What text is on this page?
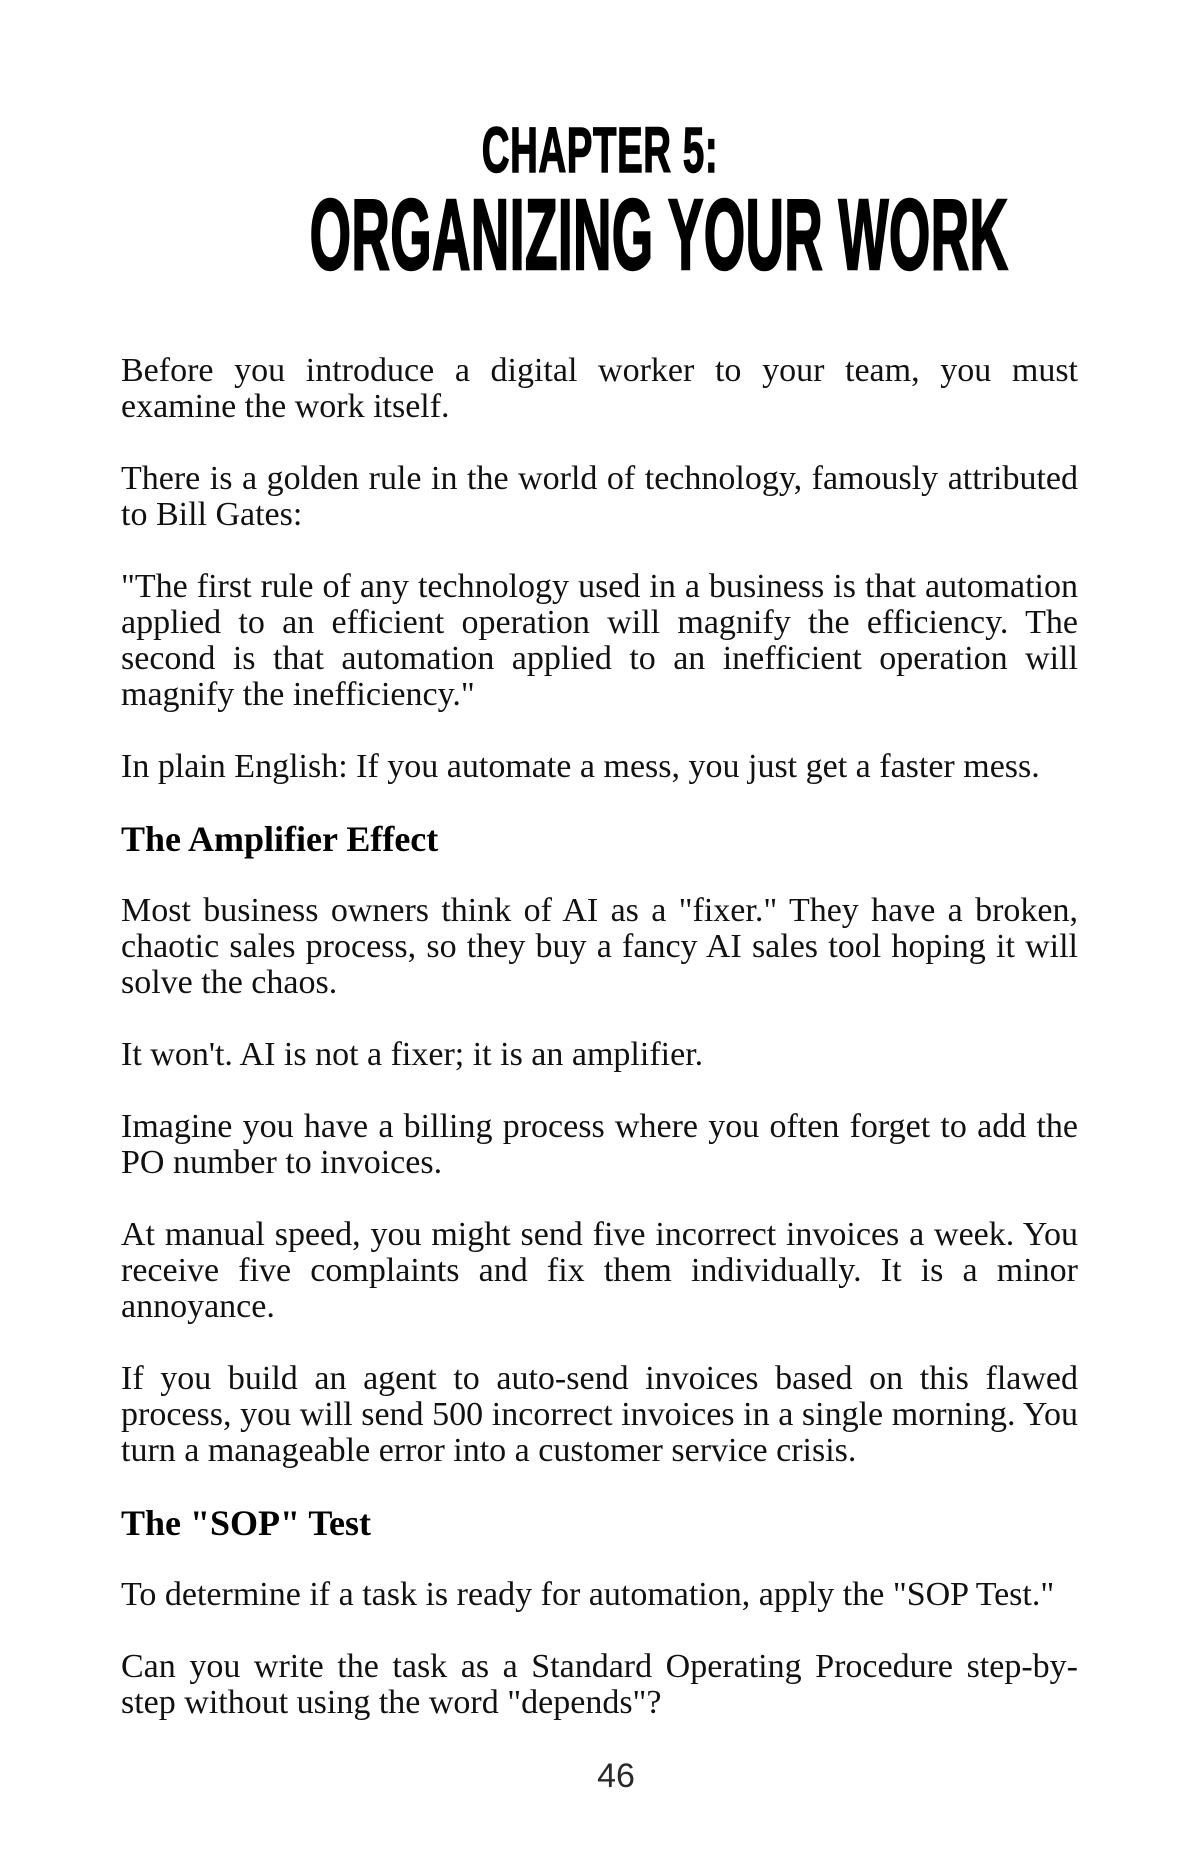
CHAPTER 5:
ORGANIZING YOUR WORK

Before you introduce a digital worker to your team, you must examine the work itself.

There is a golden rule in the world of technology, famously attributed to Bill Gates:

"The first rule of any technology used in a business is that automation applied to an efficient operation will magnify the efficiency. The second is that automation applied to an inefficient operation will magnify the inefficiency."

In plain English: If you automate a mess, you just get a faster mess.

The Amplifier Effect

Most business owners think of AI as a "fixer." They have a broken, chaotic sales process, so they buy a fancy AI sales tool hoping it will solve the chaos.

It won't. AI is not a fixer; it is an amplifier.

Imagine you have a billing process where you often forget to add the PO number to invoices.

At manual speed, you might send five incorrect invoices a week. You receive five complaints and fix them individually. It is a minor annoyance.

If you build an agent to auto-send invoices based on this flawed process, you will send 500 incorrect invoices in a single morning. You turn a manageable error into a customer service crisis.

The "SOP" Test

To determine if a task is ready for automation, apply the "SOP Test."

Can you write the task as a Standard Operating Procedure step-by-step without using the word "depends"?

46
